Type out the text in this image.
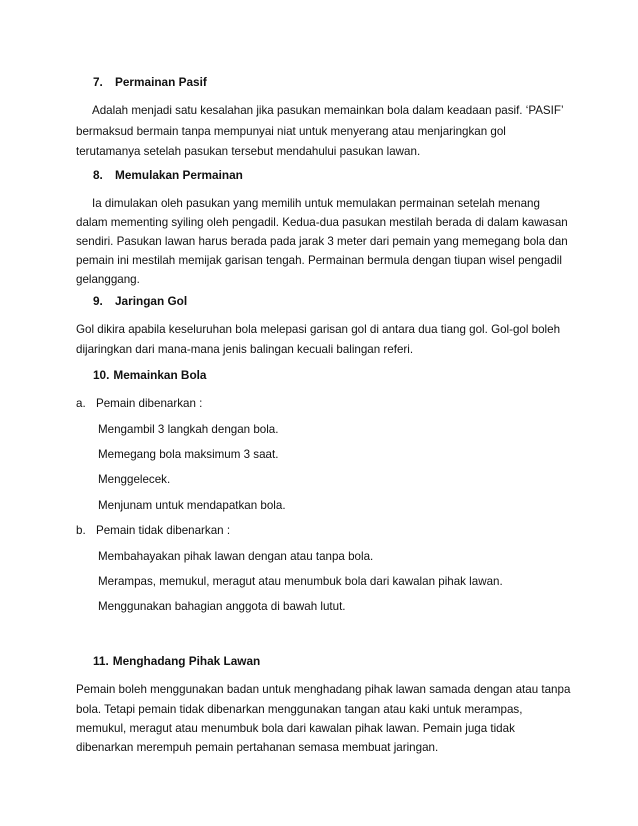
7. Permainan Pasif
Adalah menjadi satu kesalahan jika pasukan memainkan bola dalam keadaan pasif. ‘PASIF’
bermaksud bermain tanpa mempunyai niat untuk menyerang atau menjaringkan gol
terutamanya setelah pasukan tersebut mendahului pasukan lawan.
8. Memulakan Permainan
Ia dimulakan oleh pasukan yang memilih untuk memulakan permainan setelah menang
dalam mementing syiling oleh pengadil. Kedua-dua pasukan mestilah berada di dalam kawasan
sendiri. Pasukan lawan harus berada pada jarak 3 meter dari pemain yang memegang bola dan
pemain ini mestilah memijak garisan tengah. Permainan bermula dengan tiupan wisel pengadil
gelanggang.
9. Jaringan Gol
Gol dikira apabila keseluruhan bola melepasi garisan gol di antara dua tiang gol. Gol-gol boleh
dijaringkan dari mana-mana jenis balingan kecuali balingan referi.
10. Memainkan Bola
a. Pemain dibenarkan :
Mengambil 3 langkah dengan bola.
Memegang bola maksimum 3 saat.
Menggelecek.
Menjunam untuk mendapatkan bola.
b. Pemain tidak dibenarkan :
Membahayakan pihak lawan dengan atau tanpa bola.
Merampas, memukul, meragut atau menumbuk bola dari kawalan pihak lawan.
Menggunakan bahagian anggota di bawah lutut.
11. Menghadang Pihak Lawan
Pemain boleh menggunakan badan untuk menghadang pihak lawan samada dengan atau tanpa
bola. Tetapi pemain tidak dibenarkan menggunakan tangan atau kaki untuk merampas,
memukul, meragut atau menumbuk bola dari kawalan pihak lawan. Pemain juga tidak
dibenarkan merempuh pemain pertahanan semasa membuat jaringan.
